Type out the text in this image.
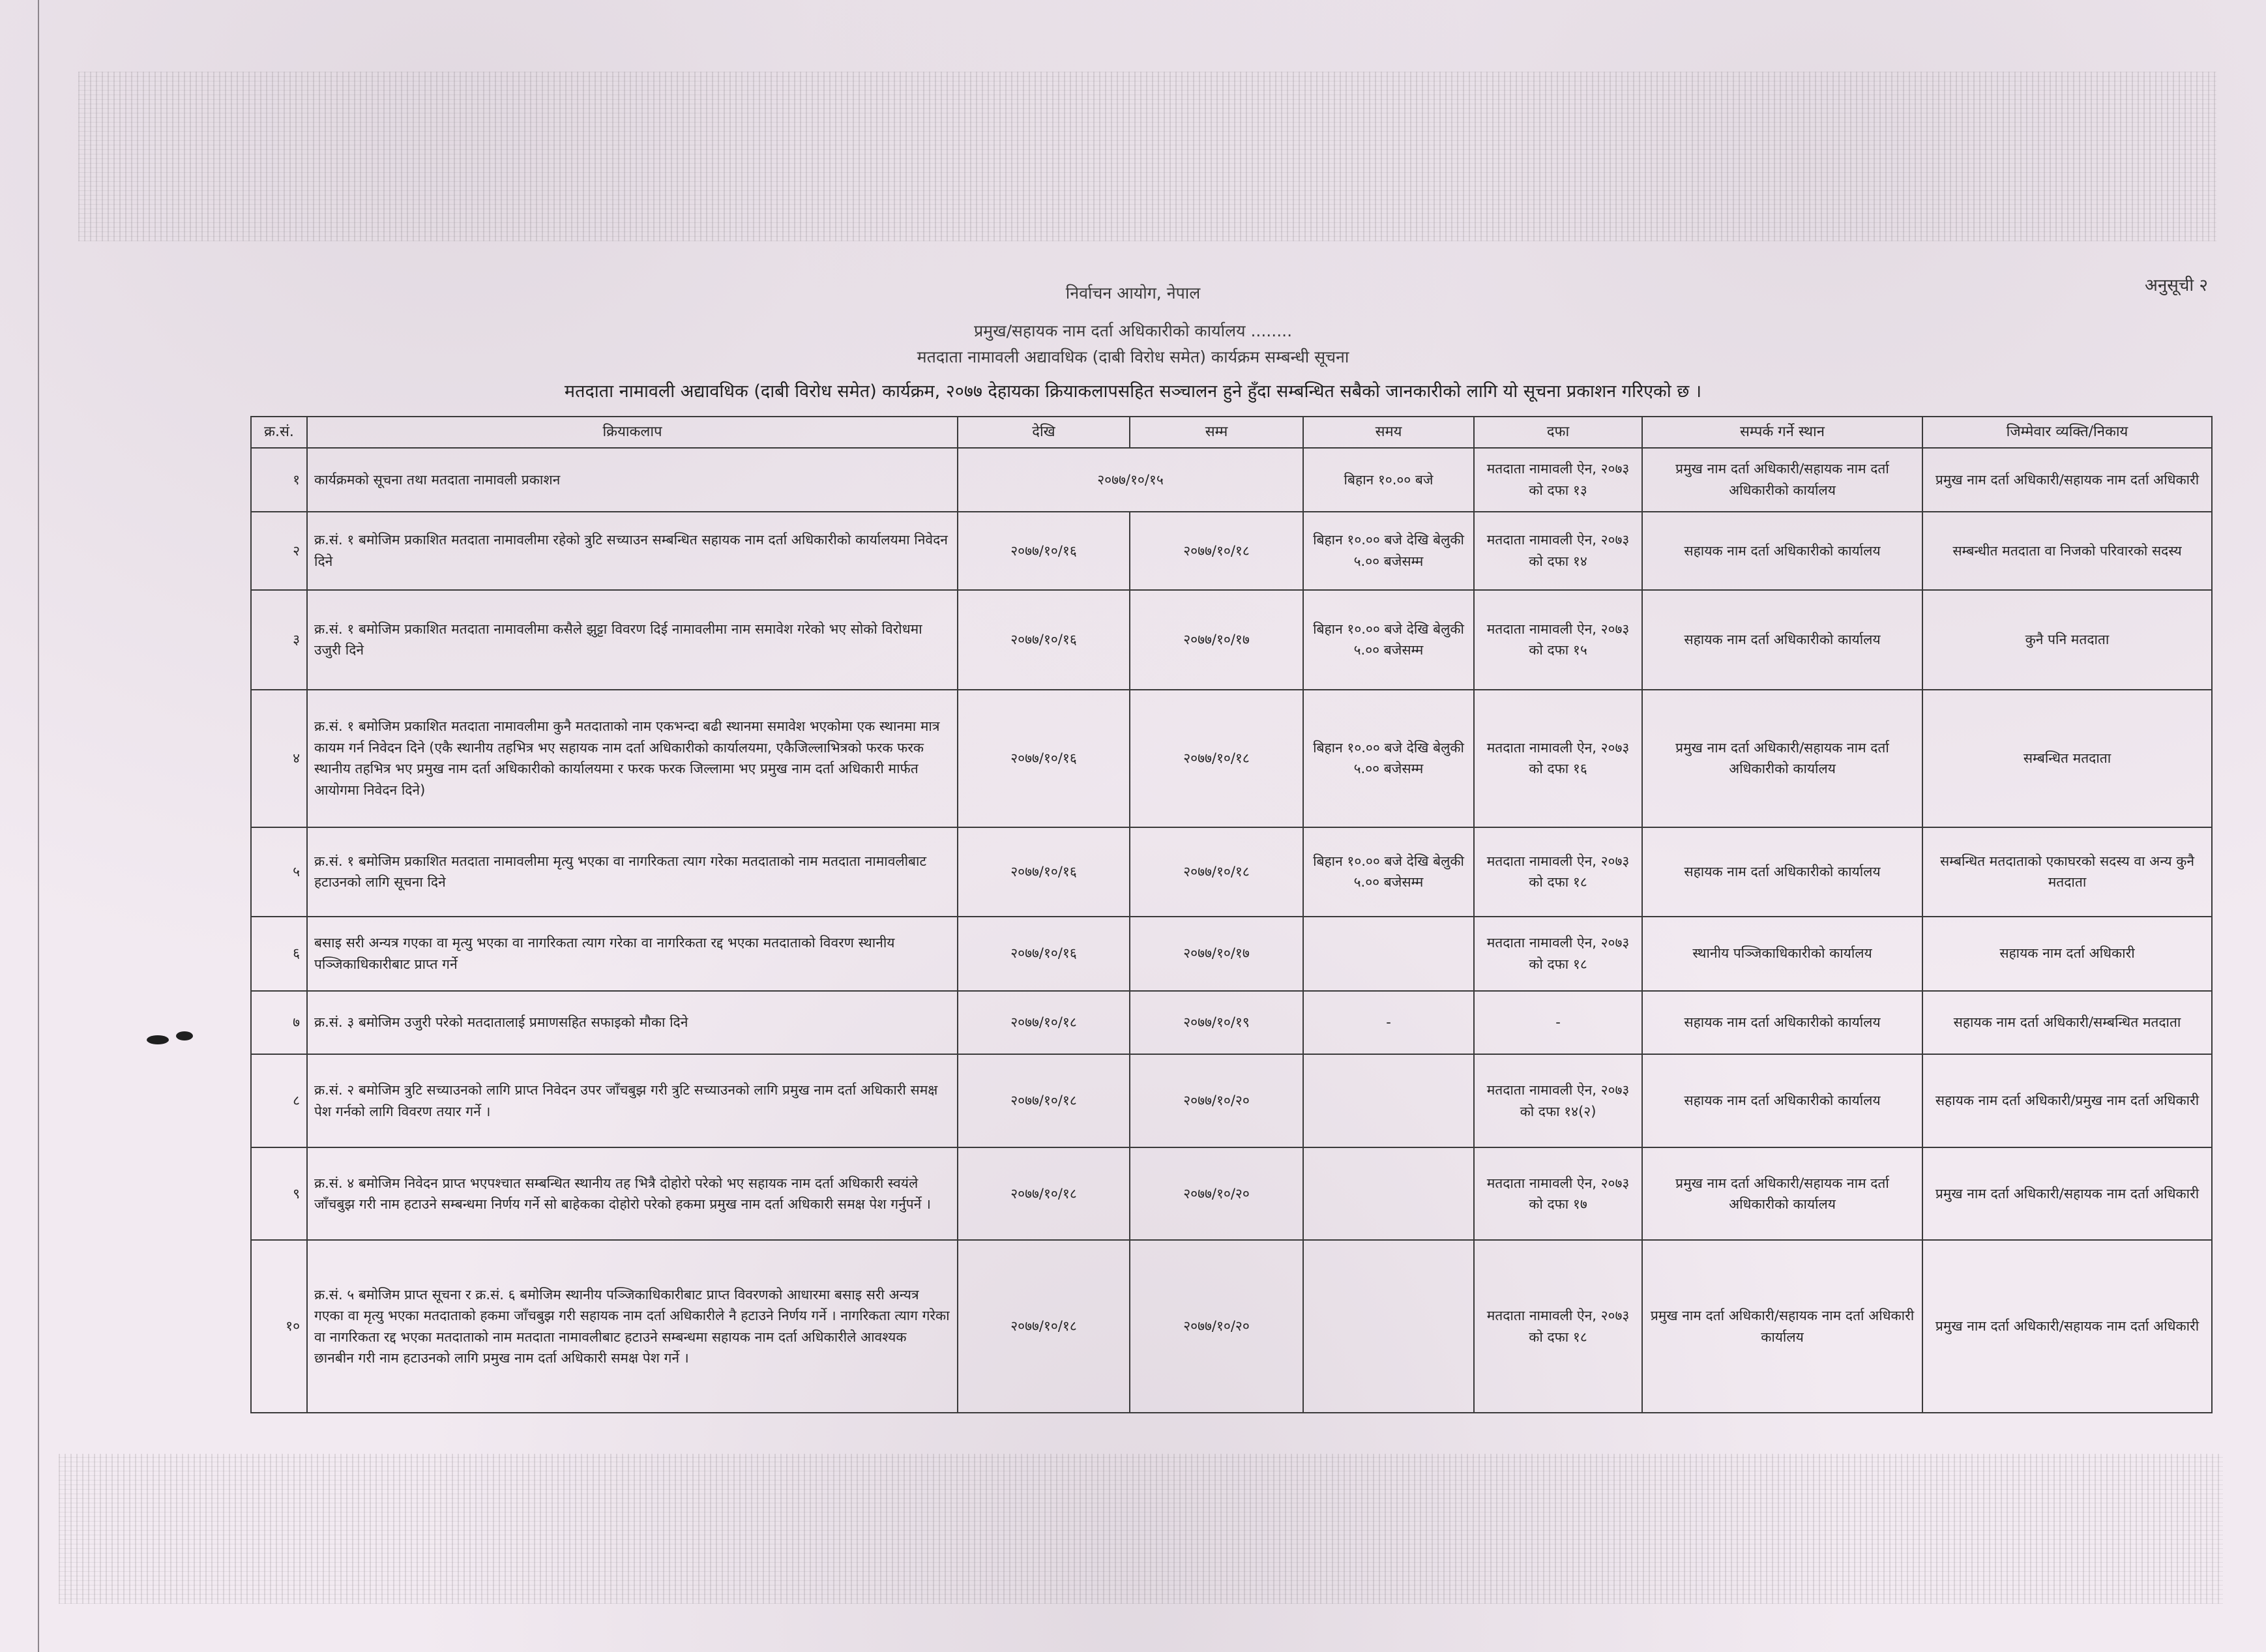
अनुसूची २
निर्वाचन आयोग, नेपाल
प्रमुख/सहायक नाम दर्ता अधिकारीको कार्यालय ........
मतदाता नामावली अद्यावधिक (दाबी विरोध समेत) कार्यक्रम सम्बन्धी सूचना
मतदाता नामावली अद्यावधिक (दाबी विरोध समेत) कार्यक्रम, २०७७ देहायका क्रियाकलापसहित सञ्चालन हुने हुँदा सम्बन्धित सबैको जानकारीको लागि यो सूचना प्रकाशन गरिएको छ ।
क्र.सं.	क्रियाकलाप	देखि	सम्म	समय	दफा	सम्पर्क गर्ने स्थान	जिम्मेवार व्यक्ति/निकाय
१	कार्यक्रमको सूचना तथा मतदाता नामावली प्रकाशन	२०७७/१०/१५		बिहान १०.०० बजे	मतदाता नामावली ऐन, २०७३ को दफा १३	प्रमुख नाम दर्ता अधिकारी/सहायक नाम दर्ता अधिकारीको कार्यालय	प्रमुख नाम दर्ता अधिकारी/सहायक नाम दर्ता अधिकारी
२	क्र.सं. १ बमोजिम प्रकाशित मतदाता नामावलीमा रहेको त्रुटि सच्याउन सम्बन्धित सहायक नाम दर्ता अधिकारीको कार्यालयमा निवेदन दिने	२०७७/१०/१६	२०७७/१०/१८	बिहान १०.०० बजे देखि बेलुकी ५.०० बजेसम्म	मतदाता नामावली ऐन, २०७३ को दफा १४	सहायक नाम दर्ता अधिकारीको कार्यालय	सम्बन्धीत मतदाता वा निजको परिवारको सदस्य
३	क्र.सं. १ बमोजिम प्रकाशित मतदाता नामावलीमा कसैले झुट्टा विवरण दिई नामावलीमा नाम समावेश गरेको भए सोको विरोधमा उजुरी दिने	२०७७/१०/१६	२०७७/१०/१७	बिहान १०.०० बजे देखि बेलुकी ५.०० बजेसम्म	मतदाता नामावली ऐन, २०७३ को दफा १५	सहायक नाम दर्ता अधिकारीको कार्यालय	कुनै पनि मतदाता
४	क्र.सं. १ बमोजिम प्रकाशित मतदाता नामावलीमा कुनै मतदाताको नाम एकभन्दा बढी स्थानमा समावेश भएकोमा एक स्थानमा मात्र कायम गर्न निवेदन दिने (एकै स्थानीय तहभित्र भए सहायक नाम दर्ता अधिकारीको कार्यालयमा, एकैजिल्लाभित्रको फरक फरक स्थानीय तहभित्र भए प्रमुख नाम दर्ता अधिकारीको कार्यालयमा र फरक फरक जिल्लामा भए प्रमुख नाम दर्ता अधिकारी मार्फत आयोगमा निवेदन दिने)	२०७७/१०/१६	२०७७/१०/१८	बिहान १०.०० बजे देखि बेलुकी ५.०० बजेसम्म	मतदाता नामावली ऐन, २०७३ को दफा १६	प्रमुख नाम दर्ता अधिकारी/सहायक नाम दर्ता अधिकारीको कार्यालय	सम्बन्धित मतदाता
५	क्र.सं. १ बमोजिम प्रकाशित मतदाता नामावलीमा मृत्यु भएका वा नागरिकता त्याग गरेका मतदाताको नाम मतदाता नामावलीबाट हटाउनको लागि सूचना दिने	२०७७/१०/१६	२०७७/१०/१८	बिहान १०.०० बजे देखि बेलुकी ५.०० बजेसम्म	मतदाता नामावली ऐन, २०७३ को दफा १८	सहायक नाम दर्ता अधिकारीको कार्यालय	सम्बन्धित मतदाताको एकाघरको सदस्य वा अन्य कुनै मतदाता
६	बसाइ सरी अन्यत्र गएका वा मृत्यु भएका वा नागरिकता त्याग गरेका वा नागरिकता रद्द भएका मतदाताको विवरण स्थानीय पञ्जिकाधिकारीबाट प्राप्त गर्ने	२०७७/१०/१६	२०७७/१०/१७		मतदाता नामावली ऐन, २०७३ को दफा १८	स्थानीय पञ्जिकाधिकारीको कार्यालय	सहायक नाम दर्ता अधिकारी
७	क्र.सं. ३ बमोजिम उजुरी परेको मतदातालाई प्रमाणसहित सफाइको मौका दिने	२०७७/१०/१८	२०७७/१०/१९	-	-	सहायक नाम दर्ता अधिकारीको कार्यालय	सहायक नाम दर्ता अधिकारी/सम्बन्धित मतदाता
८	क्र.सं. २ बमोजिम त्रुटि सच्याउनको लागि प्राप्त निवेदन उपर जाँचबुझ गरी त्रुटि सच्याउनको लागि प्रमुख नाम दर्ता अधिकारी समक्ष पेश गर्नको लागि विवरण तयार गर्ने ।	२०७७/१०/१८	२०७७/१०/२०		मतदाता नामावली ऐन, २०७३ को दफा १४(२)	सहायक नाम दर्ता अधिकारीको कार्यालय	सहायक नाम दर्ता अधिकारी/प्रमुख नाम दर्ता अधिकारी
९	क्र.सं. ४ बमोजिम निवेदन प्राप्त भएपश्चात सम्बन्धित स्थानीय तह भित्रै दोहोरो परेको भए सहायक नाम दर्ता अधिकारी स्वयंले जाँचबुझ गरी नाम हटाउने सम्बन्धमा निर्णय गर्ने सो बाहेकका दोहोरो परेको हकमा प्रमुख नाम दर्ता अधिकारी समक्ष पेश गर्नुपर्ने ।	२०७७/१०/१८	२०७७/१०/२०		मतदाता नामावली ऐन, २०७३ को दफा १७	प्रमुख नाम दर्ता अधिकारी/सहायक नाम दर्ता अधिकारीको कार्यालय	प्रमुख नाम दर्ता अधिकारी/सहायक नाम दर्ता अधिकारी
१०	क्र.सं. ५ बमोजिम प्राप्त सूचना र क्र.सं. ६ बमोजिम स्थानीय पञ्जिकाधिकारीबाट प्राप्त विवरणको आधारमा बसाइ सरी अन्यत्र गएका वा मृत्यु भएका मतदाताको हकमा जाँचबुझ गरी सहायक नाम दर्ता अधिकारीले नै हटाउने निर्णय गर्ने । नागरिकता त्याग गरेका वा नागरिकता रद्द भएका मतदाताको नाम मतदाता नामावलीबाट हटाउने सम्बन्धमा सहायक नाम दर्ता अधिकारीले आवश्यक छानबीन गरी नाम हटाउनको लागि प्रमुख नाम दर्ता अधिकारी समक्ष पेश गर्ने ।	२०७७/१०/१८	२०७७/१०/२०		मतदाता नामावली ऐन, २०७३ को दफा १८	प्रमुख नाम दर्ता अधिकारी/सहायक नाम दर्ता अधिकारी कार्यालय	प्रमुख नाम दर्ता अधिकारी/सहायक नाम दर्ता अधिकारी
